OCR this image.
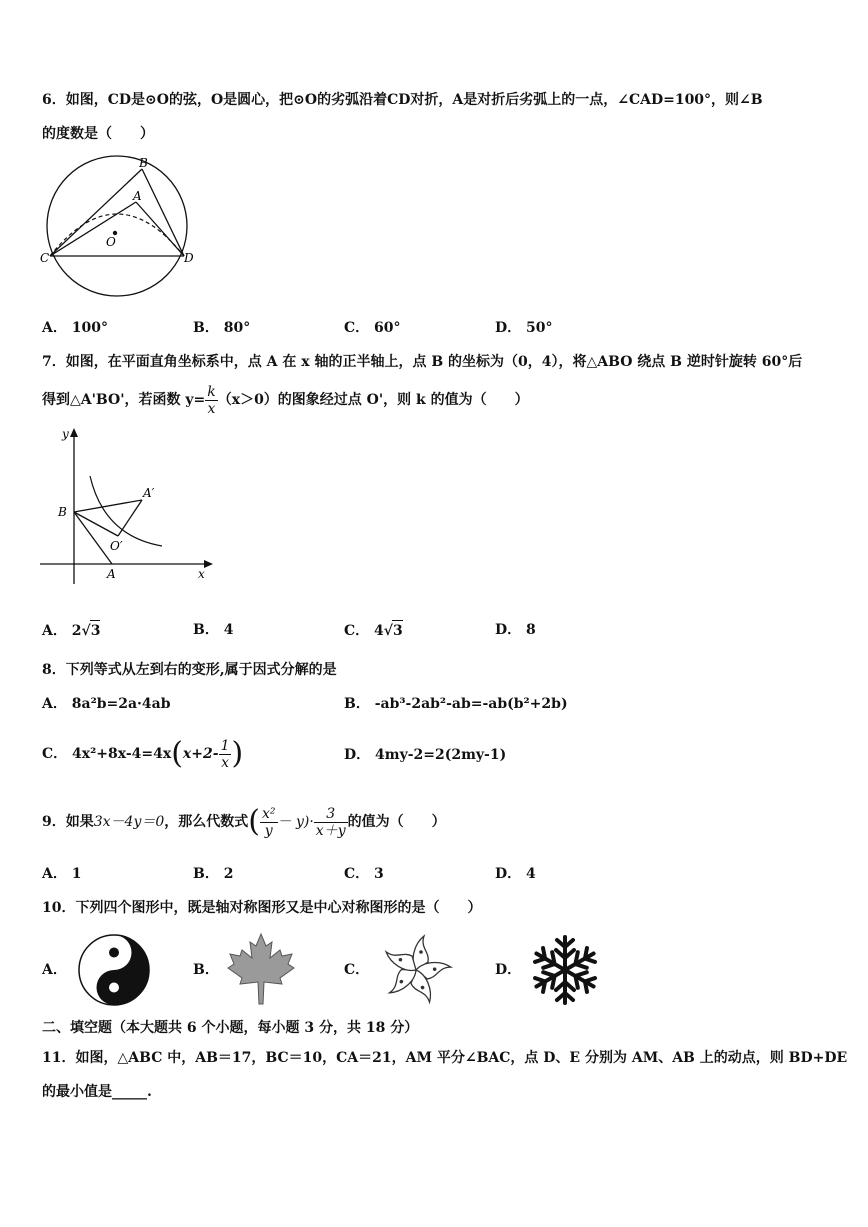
6．如图，CD是⊙O的弦，O是圆心，把⊙O的劣弧沿着CD对折，A是对折后劣弧上的一点，∠CAD=100°，则∠B
的度数是（　　）
B
A
O
C	D
A． 100°	B． 80°	C． 60°	D． 50°
7．如图，在平面直角坐标系中，点 A 在 x 轴的正半轴上，点 B 的坐标为（0，4），将△ABO 绕点 B 逆时针旋转 60°后
得到△A'BO'，若函数 $y= \frac{k}{x} (x>0)$的图象经过点 O'，则 k 的值为（　　）
y
x
B
A
A′
O′
A． 2√3	B． 4	C． 4√3	D． 8
8．下列等式从左到右的变形,属于因式分解的是
A． 8a²b=2a·4ab	B． -ab³-2ab²-ab=-ab(b²+2b)
C． $4x^2+8x-4=4x(x+2- \frac{1}{x}$ )	D． 4my-2=2(2my-1)
9．如果3x－4y＝0，那么代数式( $\frac{\text{x²}}{y} - y)\cdot \frac{3}{x+y}$ 的值为（　　）
A． 1	B． 2	C． 3	D． 4
10．下列四个图形中，既是轴对称图形又是中心对称图形的是（　　）
A．	B．	C．	D．
二、填空题（本大题共 6 个小题，每小题 3 分，共 18 分）
11．如图，△ABC 中，AB＝17，BC＝10，CA＝21，AM 平分∠BAC，点 D、E 分别为 AM、AB 上的动点，则 BD+DE
的最小值是_____.
